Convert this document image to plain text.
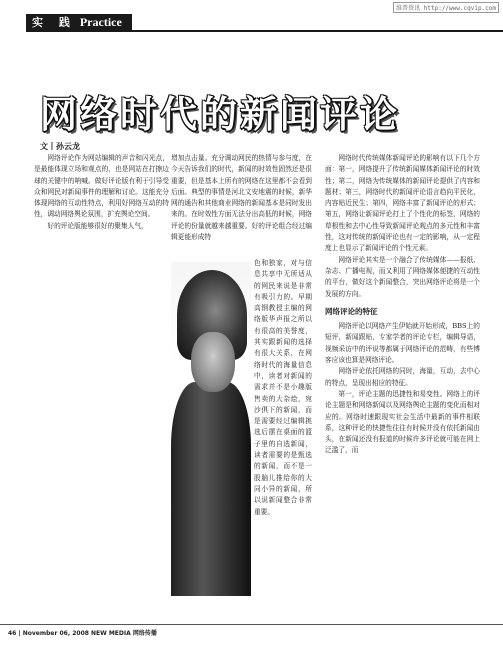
维普资讯 http://www.cqvip.com
实 践 Practice
网络时代的新闻评论
文丨孙云龙

网络评论作为网站编辑的声音和闪光点，是最能体现立场和观点的，也是网站在打擦边球的关键中的呐喊。做好评论版有利于引导受众和网民对新闻事件的理解和讨论。这能充分体现网络的互动性特点，利用好网络互动的特性，调动网络舆论氛围，扩充舆论空间。

好的评论版能够很好的聚集人气，

增加点击量。充分调动网民的热情与参与度，在今天告诉我们的时代，新闻的时效性固然还是很重要，但是基本上所有的网络在这里都不会看到后面。典型的事情是河北文安地震的时候，新华网的通告和其他商业网络的新闻基本是同时发出来的。在时效性方面无法分出高低的时候，网络评论的份量就越来越重要。好的评论组合经过编辑更能形成特

色和独家，对与信息共享中无所适从的网民来说是非常有吸引力的。早期高钢教授主编的网络版华声报之所以有很高的美誉度，其实跟新闻的选择有很大关系，在网络时代的海量信息中，读者对新闻的需求并不是小趣版售卖的大杂烩，宛沙俱下的新闻，而是需要经过编辑挑选后摆在桌面的篮子里的自选新闻，读者需要的是甄选的新闻，而不是一股脑儿推给你的大同小异的新闻，所以说新闻整合非常重要。

网络时代传统媒体新闻评论的影响有以下几个方面：第一，网络提升了传统新闻媒体新闻评论的时效性；第二，网络为传统媒体的新闻评论提供了内容和题材；第三，网络时代的新闻评论语言趋向平民化，内容贴近民生；第四，网络丰富了新闻评论的形式；第五，网络让新闻评论打上了个性化的标签，网络的草根性和去中心性导致新闻评论观点的多元性和丰富性，这对传统的新闻评论也有一定的影响，从一定程度上也显示了新闻评论的个性元素。

网络评论其实是一个融合了传统媒体——报纸、杂志、广播电视，而又利用了网络媒体便捷的互动性的平台，做好这个新闻整合，突出网络评论将是一个发展的方向。

网络评论的特征

网络评论以网络产生伊始就开始形成，BBS上的短评，新闻跟贴，专家学者的评论专栏，编辑导语，视频采访中的评说等都属于网络评论的范畴，有些博客应该也算是网络评论。

网络评论依托网络的同时，海量，互动，去中心的特点，呈现出相应的特征。

第一，评论主题的迅捷性和易变性。网络上的评论主题是和网络新闻以及网络舆论主题的变化而相对应的。网络时速跟现实社会生活中最新的事件相联系，这种评论的快捷性往往有时候并没有依托新闻由头，在新闻还没有报道的时候许多评论就可能在网上泛滥了，而

46 | November 06, 2008 NEW MEDIA 网络传播
